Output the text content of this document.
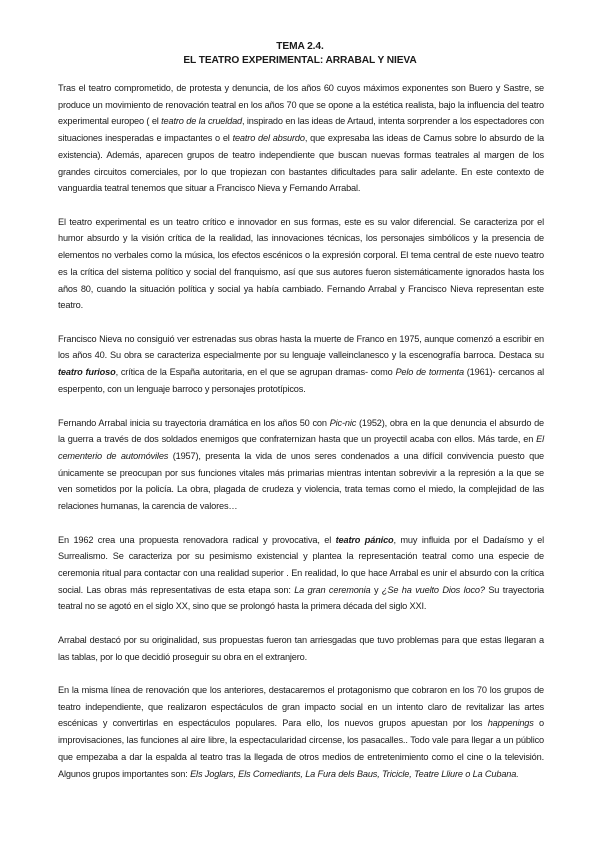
TEMA 2.4.
EL TEATRO EXPERIMENTAL: ARRABAL Y NIEVA

Tras el teatro comprometido, de protesta y denuncia, de los años 60 cuyos máximos exponentes son Buero y Sastre, se produce un movimiento de renovación teatral en los años 70 que se opone a la estética realista, bajo la influencia del teatro experimental europeo ( el teatro de la crueldad, inspirado en las ideas de Artaud, intenta sorprender a los espectadores con situaciones inesperadas e impactantes o el teatro del absurdo, que expresaba las ideas de Camus sobre lo absurdo de la existencia). Además, aparecen grupos de teatro independiente que buscan nuevas formas teatrales al margen de los grandes circuitos comerciales, por lo que tropiezan con bastantes dificultades para salir adelante. En este contexto de vanguardia teatral tenemos que situar a Francisco Nieva y Fernando Arrabal.

El teatro experimental es un teatro crítico e innovador en sus formas, este es su valor diferencial. Se caracteriza por el humor absurdo y la visión crítica de la realidad, las innovaciones técnicas, los personajes simbólicos y la presencia de elementos no verbales como la música, los efectos escénicos o la expresión corporal. El tema central de este nuevo teatro es la crítica del sistema político y social del franquismo, así que sus autores fueron sistemáticamente ignorados hasta los años 80, cuando la situación política y social ya había cambiado. Fernando Arrabal y Francisco Nieva representan este teatro.

Francisco Nieva no consiguió ver estrenadas sus obras hasta la muerte de Franco en 1975, aunque comenzó a escribir en los años 40. Su obra se caracteriza especialmente por su lenguaje valleinclanesco y la escenografía barroca. Destaca su teatro furioso, crítica de la España autoritaria, en el que se agrupan dramas- como Pelo de tormenta (1961)- cercanos al esperpento, con un lenguaje barroco y personajes prototípicos.

Fernando Arrabal inicia su trayectoria dramática en los años 50 con Pic-nic (1952), obra en la que denuncia el absurdo de la guerra a través de dos soldados enemigos que confraternizan hasta que un proyectil acaba con ellos. Más tarde, en El cementerio de automóviles (1957), presenta la vida de unos seres condenados a una difícil convivencia puesto que únicamente se preocupan por sus funciones vitales más primarias mientras intentan sobrevivir a la represión a la que se ven sometidos por la policía. La obra, plagada de crudeza y violencia, trata temas como el miedo, la complejidad de las relaciones humanas, la carencia de valores…

En 1962 crea una propuesta renovadora radical y provocativa, el teatro pánico, muy influida por el Dadaísmo y el Surrealismo. Se caracteriza por su pesimismo existencial y plantea la representación teatral como una especie de ceremonia ritual para contactar con una realidad superior . En realidad, lo que hace Arrabal es unir el absurdo con la crítica social. Las obras más representativas de esta etapa son: La gran ceremonia y ¿Se ha vuelto Dios loco? Su trayectoria teatral no se agotó en el siglo XX, sino que se prolongó hasta la primera década del siglo XXI.

Arrabal destacó por su originalidad, sus propuestas fueron tan arriesgadas que tuvo problemas para que estas llegaran a las tablas, por lo que decidió proseguir su obra en el extranjero.

En la misma línea de renovación que los anteriores, destacaremos el protagonismo que cobraron en los 70 los grupos de teatro independiente, que realizaron espectáculos de gran impacto social en un intento claro de revitalizar las artes escénicas y convertirlas en espectáculos populares. Para ello, los nuevos grupos apuestan por los happenings o improvisaciones, las funciones al aire libre, la espectacularidad circense, los pasacalles.. Todo vale para llegar a un público que empezaba a dar la espalda al teatro tras la llegada de otros medios de entretenimiento como el cine o la televisión. Algunos grupos importantes son: Els Joglars, Els Comediants, La Fura dels Baus, Tricicle, Teatre Lliure o La Cubana.
